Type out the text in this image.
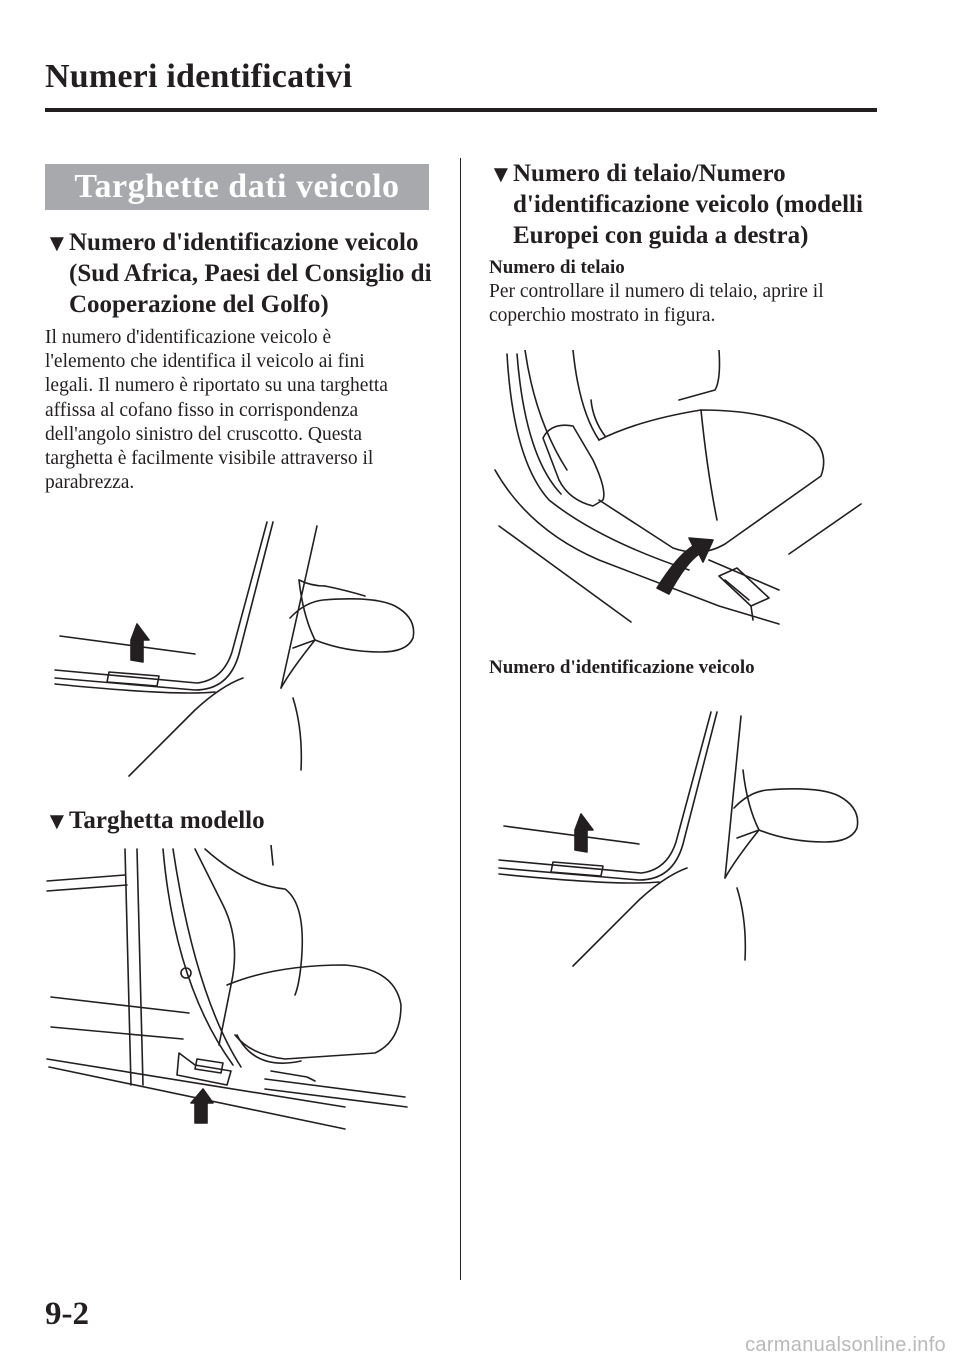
Numeri identificativi
Targhette dati veicolo
▼ Numero d'identificazione veicolo (Sud Africa, Paesi del Consiglio di Cooperazione del Golfo)
Il numero d'identificazione veicolo è l'elemento che identifica il veicolo ai fini legali. Il numero è riportato su una targhetta affissa al cofano fisso in corrispondenza dell'angolo sinistro del cruscotto. Questa targhetta è facilmente visibile attraverso il parabrezza.
▼ Targhetta modello
▼ Numero di telaio/Numero d'identificazione veicolo (modelli Europei con guida a destra)
Numero di telaio
Per controllare il numero di telaio, aprire il coperchio mostrato in figura.
Numero d'identificazione veicolo
9-2
carmanualsonline.info
